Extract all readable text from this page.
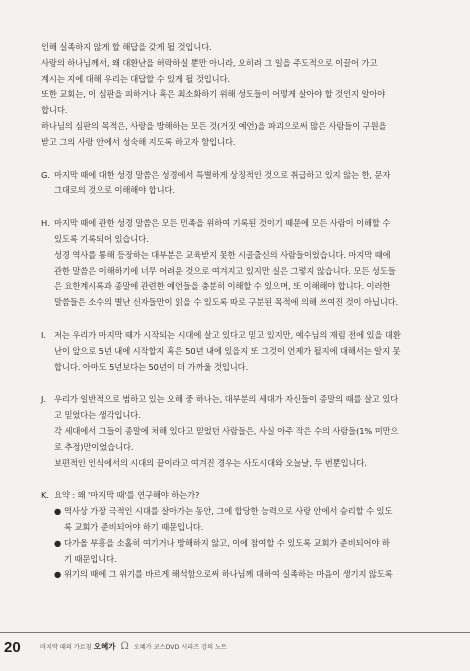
인해 실족하지 않게 할 해답을 갖게 될 것입니다.

사랑의 하나님께서, 왜 대환난을 허락하실 뿐만 아니라, 오히려 그 일을 주도적으로 이끌어 가고

계시는 지에 대해 우리는 대답할 수 있게 될 것입니다.

또한 교회는, 이 심판을 피하거나 혹은 최소화하기 위해 성도들이 어떻게 살아야 할 것인지 알아야

합니다.

하나님의 심판의 목적은, 사랑을 방해하는 모든 것(거짓 예언)을 파괴으로써 많은 사람들이 구원을

받고 그의 사랑 안에서 성숙해 지도록 하고자 함입니다.

G. 마지막 때에 대한 성경 말씀은 성경에서 특별하게 상징적인 것으로 취급하고 있지 않는 한, 문자

그대로의 것으로 이해해야 합니다.

H. 마지막 때에 관한 성경 말씀은 모든 민족을 위하여 기록된 것이기 때문에 모든 사람이 이해할 수

있도록 기록되어 있습니다.

성경 역사를 통해 등장하는 대부분은 교육받지 못한 시골출신의 사람들이었습니다. 마지막 때에

관한 말씀은 이해하기에 너무 어려운 것으로 여겨지고 있지만 실은 그렇지 않습니다. 모든 성도들

은 요한계시록과 종말에 관련한 예언들을 충분히 이해할 수 있으며, 또 이해해야 합니다. 이러한

말씀들은 소수의 별난 신자들만이 읽을 수 있도록 따로 구분된 목적에 의해 쓰여진 것이 아닙니다.

I. 저는 우리가 마지막 때가 시작되는 시대에 살고 있다고 믿고 있지만, 예수님의 재림 전에 있을 대환

난이 앞으로 5년 내에 시작할지 혹은 50년 내에 있을지 또 그것이 언제가 될지에 대해서는 알지 못

합니다. 아마도 5년보다는 50년이 더 가까울 것입니다.

J. 우리가 일반적으로 범하고 있는 오해 중 하나는, 대부분의 세대가 자신들이 종말의 때를 살고 있다

고 믿었다는 생각입니다.

각 세대에서 그들이 종말에 처해 있다고 믿었던 사람들은, 사실 아주 작은 수의 사람들(1% 미만으

로 추정)만이었습니다.

보편적인 인식에서의 시대의 끝이라고 여겨진 경우는 사도시대와 오늘날, 두 번뿐입니다.

K. 요약 : 왜 '마지막 때'를 연구해야 하는가?

● 역사상 가장 극적인 시대를 살아가는 동안, 그에 합당한 능력으로 사랑 안에서 승리할 수 있도

록 교회가 준비되어야 하기 때문입니다.

● 다가올 부흥을 소홀히 여기거나 방해하지 않고, 이에 참여할 수 있도록 교회가 준비되어야 하

기 때문입니다.

● 위기의 때에 그 위기를 바르게 해석함으로써 하나님께 대하여 실족하는 마음이 생기지 않도록

20	마지막 때의 가르침 오혜가 Ω 오혜가 코스DVD 시리즈 강의 노트
